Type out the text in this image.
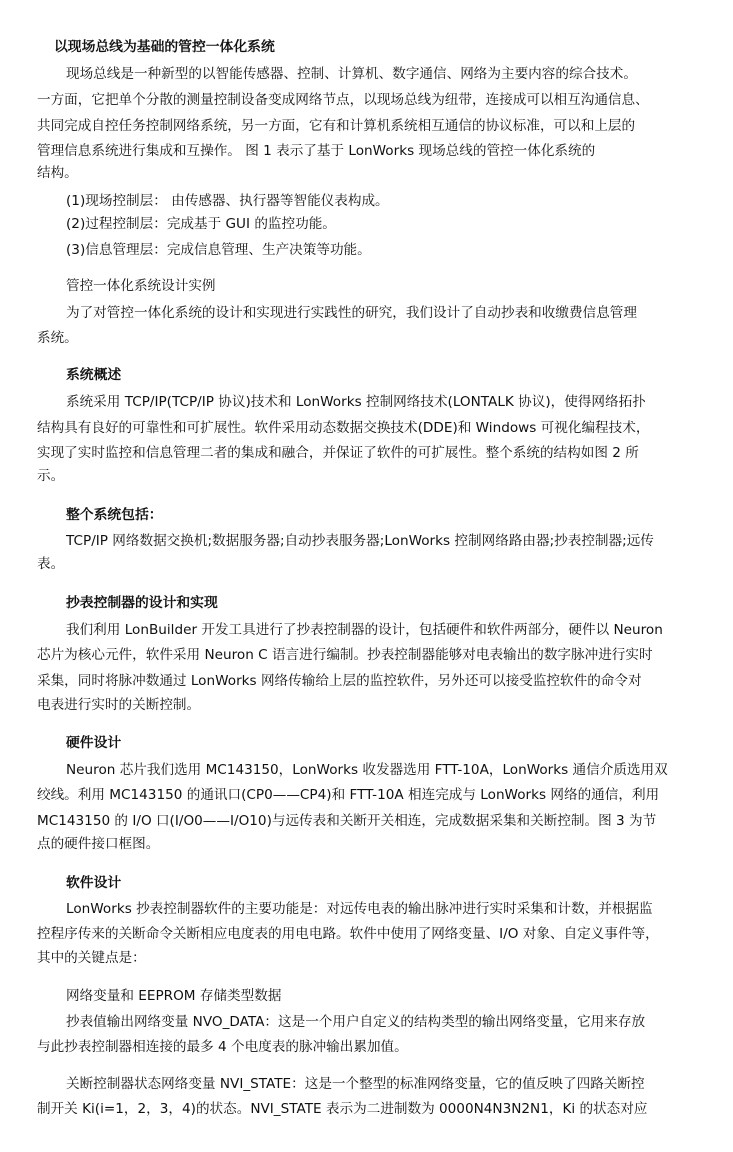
以现场总线为基础的管控一体化系统
现场总线是一种新型的以智能传感器、控制、计算机、数字通信、网络为主要内容的综合技术。
一方面，它把单个分散的测量控制设备变成网络节点，以现场总线为纽带，连接成可以相互沟通信息、
共同完成自控任务控制网络系统，另一方面，它有和计算机系统相互通信的协议标准，可以和上层的
管理信息系统进行集成和互操作。 图 1 表示了基于 LonWorks 现场总线的管控一体化系统的
结构。
(1)现场控制层： 由传感器、执行器等智能仪表构成。
(2)过程控制层：完成基于 GUI 的监控功能。
(3)信息管理层：完成信息管理、生产决策等功能。
管控一体化系统设计实例
为了对管控一体化系统的设计和实现进行实践性的研究，我们设计了自动抄表和收缴费信息管理
系统。
系统概述
系统采用 TCP/IP(TCP/IP 协议)技术和 LonWorks 控制网络技术(LONTALK 协议)，使得网络拓扑
结构具有良好的可靠性和可扩展性。软件采用动态数据交换技术(DDE)和 Windows 可视化编程技术，
实现了实时监控和信息管理二者的集成和融合，并保证了软件的可扩展性。整个系统的结构如图 2 所
示。
整个系统包括：
TCP/IP 网络数据交换机;数据服务器;自动抄表服务器;LonWorks 控制网络路由器;抄表控制器;远传
表。
抄表控制器的设计和实现
我们利用 LonBuilder 开发工具进行了抄表控制器的设计，包括硬件和软件两部分，硬件以 Neuron
芯片为核心元件，软件采用 Neuron C 语言进行编制。抄表控制器能够对电表输出的数字脉冲进行实时
采集，同时将脉冲数通过 LonWorks 网络传输给上层的监控软件，另外还可以接受监控软件的命令对
电表进行实时的关断控制。
硬件设计
Neuron 芯片我们选用 MC143150，LonWorks 收发器选用 FTT-10A，LonWorks 通信介质选用双
绞线。利用 MC143150 的通讯口(CP0——CP4)和 FTT-10A 相连完成与 LonWorks 网络的通信，利用
MC143150 的 I/O 口(I/O0——I/O10)与远传表和关断开关相连，完成数据采集和关断控制。图 3 为节
点的硬件接口框图。
软件设计
LonWorks 抄表控制器软件的主要功能是：对远传电表的输出脉冲进行实时采集和计数，并根据监
控程序传来的关断命令关断相应电度表的用电电路。软件中使用了网络变量、I/O 对象、自定义事件等，
其中的关键点是：
网络变量和 EEPROM 存储类型数据
抄表值输出网络变量 NVO_DATA：这是一个用户自定义的结构类型的输出网络变量，它用来存放
与此抄表控制器相连接的最多 4 个电度表的脉冲输出累加值。
关断控制器状态网络变量 NVI_STATE：这是一个整型的标准网络变量，它的值反映了四路关断控
制开关 Ki(i=1，2，3，4)的状态。NVI_STATE 表示为二进制数为 0000N4N3N2N1，Ki 的状态对应
